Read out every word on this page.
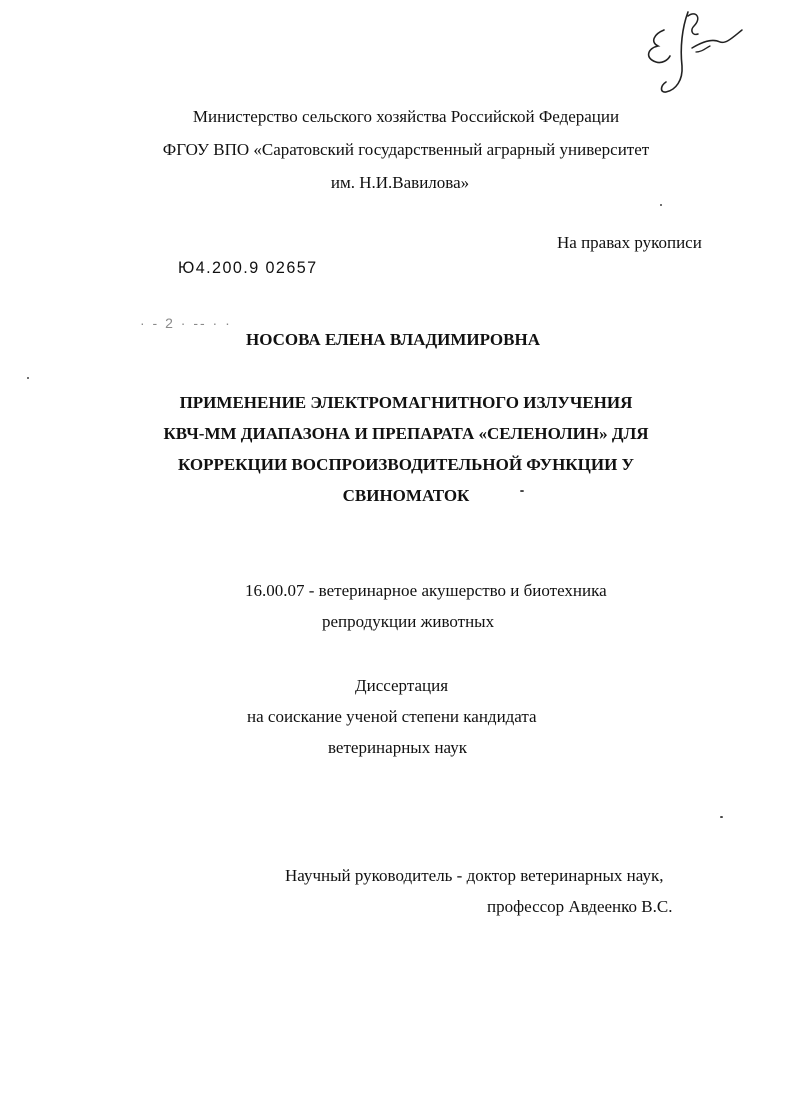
Министерство сельского хозяйства Российской Федерации
ФГОУ ВПО «Саратовский государственный аграрный университет
им. Н.И.Вавилова»
На правах рукописи
Ю4.200.9 02657
· - 2 · -- · ·
НОСОВА ЕЛЕНА ВЛАДИМИРОВНА
ПРИМЕНЕНИЕ ЭЛЕКТРОМАГНИТНОГО ИЗЛУЧЕНИЯ
КВЧ-ММ ДИАПАЗОНА И ПРЕПАРАТА «СЕЛЕНОЛИН» ДЛЯ
КОРРЕКЦИИ ВОСПРОИЗВОДИТЕЛЬНОЙ ФУНКЦИИ У
СВИНОМАТОК
16.00.07 - ветеринарное акушерство и биотехника
репродукции животных
Диссертация
на соискание ученой степени кандидата
ветеринарных наук
Научный руководитель - доктор ветеринарных наук,
профессор Авдеенко В.С.
